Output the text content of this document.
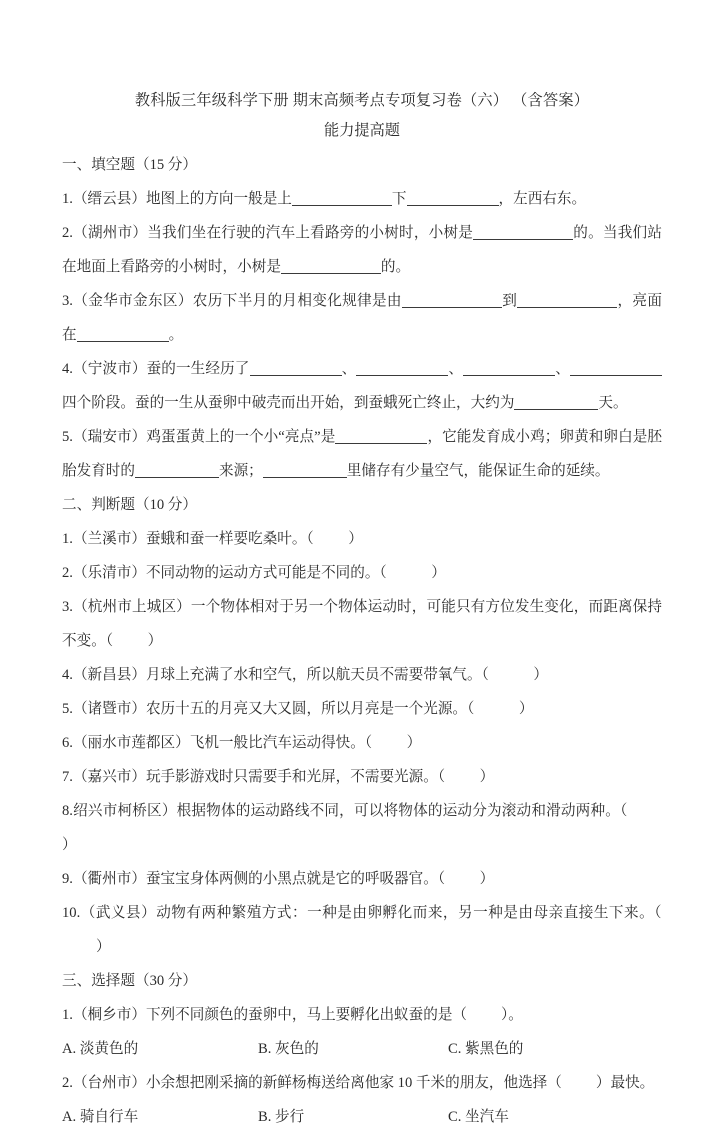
教科版三年级科学下册 期末高频考点专项复习卷（六） （含答案）
能力提高题
一、填空题（15 分）
1.（缙云县）地图上的方向一般是上	下	，左西右东。
2.（湖州市）当我们坐在行驶的汽车上看路旁的小树时，小树是	的。当我们站在地面上看路旁的小树时，小树是	的。
3.（金华市金东区）农历下半月的月相变化规律是由	到	，亮面在	。
4.（宁波市）蚕的一生经历了	、	、	、四个阶段。蚕的一生从蚕卵中破壳而出开始，到蚕蛾死亡终止，大约为	天。
5.（瑞安市）鸡蛋蛋黄上的一个小“亮点”是	，它能发育成小鸡；卵黄和卵白是胚胎发育时的	来源；	里储存有少量空气，能保证生命的延续。
二、判断题（10 分）
1.（兰溪市）蚕蛾和蚕一样要吃桑叶。（ ）
2.（乐清市）不同动物的运动方式可能是不同的。（	）
3.（杭州市上城区）一个物体相对于另一个物体运动时，可能只有方位发生变化，而距离保持不变。（ ）
4.（新昌县）月球上充满了水和空气，所以航天员不需要带氧气。（	）
5.（诸暨市）农历十五的月亮又大又圆，所以月亮是一个光源。（	）
6.（丽水市莲都区）飞机一般比汽车运动得快。（ ）
7.（嘉兴市）玩手影游戏时只需要手和光屏，不需要光源。（ ）
8.绍兴市柯桥区）根据物体的运动路线不同，可以将物体的运动分为滚动和滑动两种。（）
9.（衢州市）蚕宝宝身体两侧的小黑点就是它的呼吸器官。（ ）
10.（武义县）动物有两种繁殖方式：一种是由卵孵化而来，另一种是由母亲直接生下来。（）
三、选择题（30 分）
1.（桐乡市）下列不同颜色的蚕卵中，马上要孵化出蚁蚕的是（ ）。
A. 淡黄色的	B. 灰色的	C. 紫黑色的
2.（台州市）小余想把刚采摘的新鲜杨梅送给离他家 10 千米的朋友，他选择（ ）最快。
A. 骑自行车	B. 步行	C. 坐汽车
